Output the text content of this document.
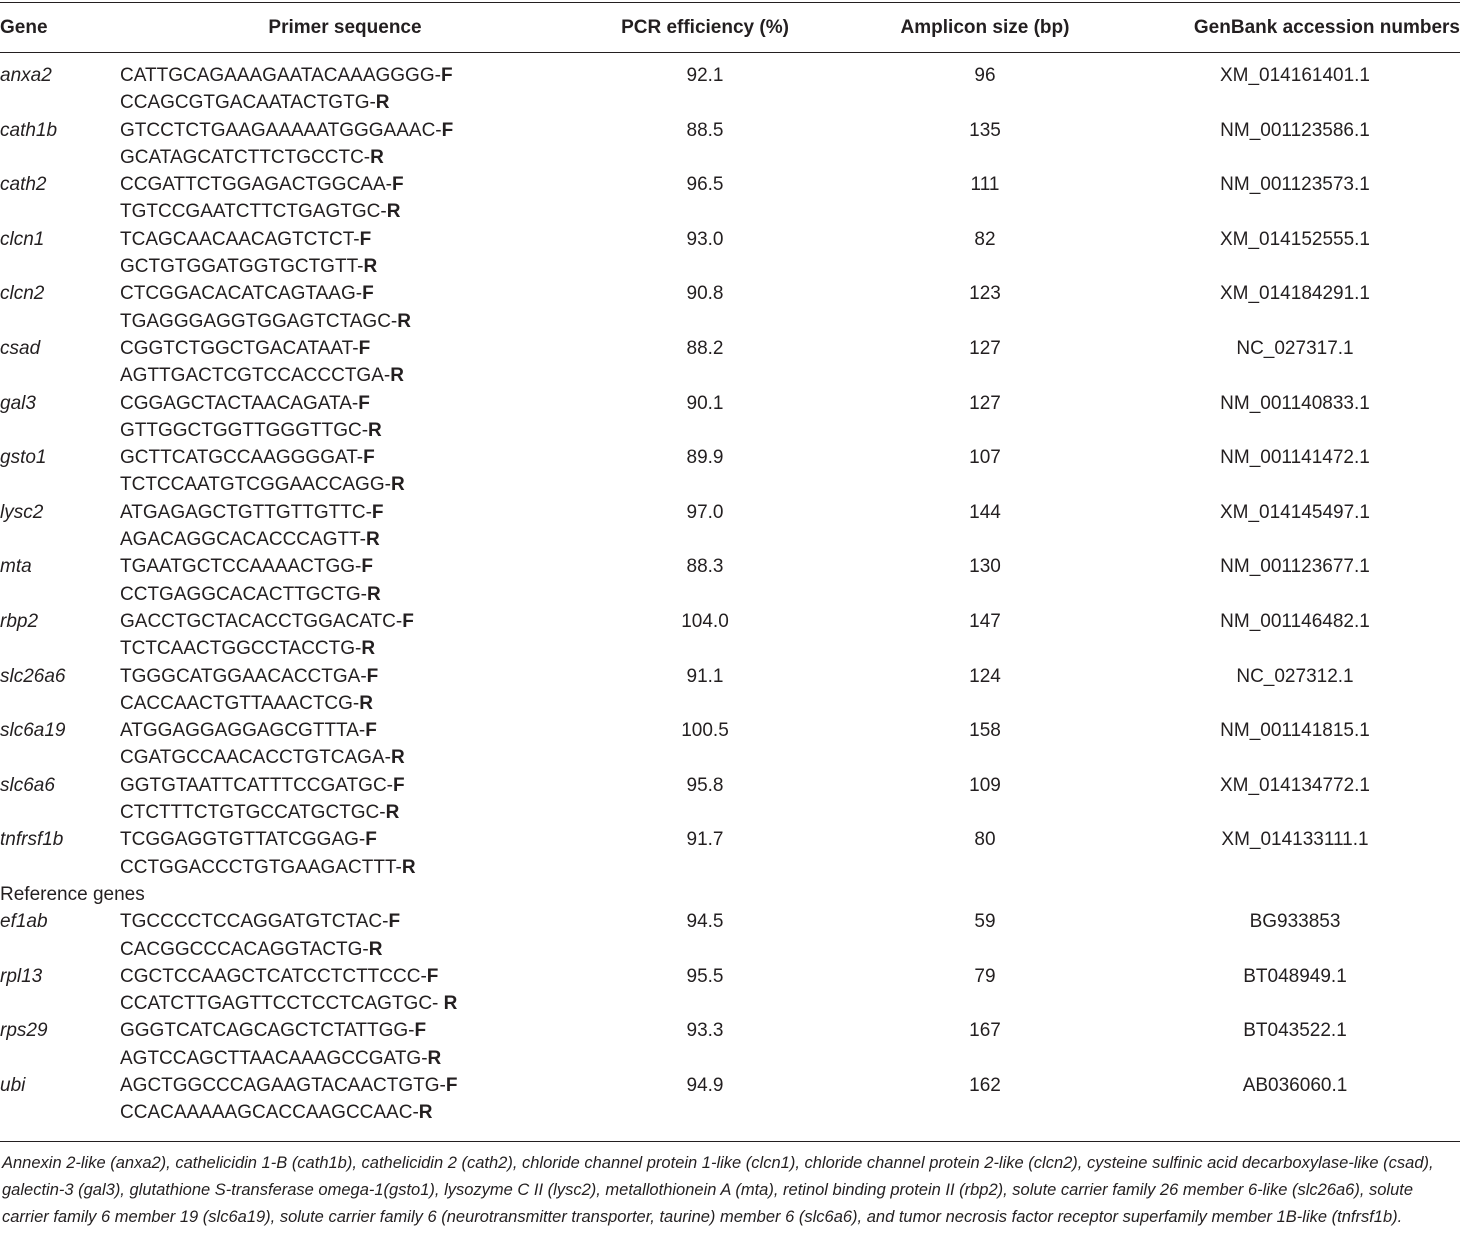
Gene	Primer sequence	PCR efficiency (%)	Amplicon size (bp)	GenBank accession numbers
anxa2	CATTGCAGAAAGAATACAAAGGGG-F
CCAGCGTGACAATACTGTG-R	92.1	96	XM_014161401.1
cath1b	GTCCTCTGAAGAAAAATGGGAAAC-F
GCATAGCATCTTCTGCCTC-R	88.5	135	NM_001123586.1
cath2	CCGATTCTGGAGACTGGCAA-F
TGTCCGAATCTTCTGAGTGC-R	96.5	111	NM_001123573.1
clcn1	TCAGCAACAACAGTCTCT-F
GCTGTGGATGGTGCTGTT-R	93.0	82	XM_014152555.1
clcn2	CTCGGACACATCAGTAAG-F
TGAGGGAGGTGGAGTCTAGC-R	90.8	123	XM_014184291.1
csad	CGGTCTGGCTGACATAAT-F
AGTTGACTCGTCCACCCTGA-R	88.2	127	NC_027317.1
gal3	CGGAGCTACTAACAGATA-F
GTTGGCTGGTTGGGTTGC-R	90.1	127	NM_001140833.1
gsto1	GCTTCATGCCAAGGGGAT-F
TCTCCAATGTCGGAACCAGG-R	89.9	107	NM_001141472.1
lysc2	ATGAGAGCTGTTGTTGTTC-F
AGACAGGCACACCCAGTT-R	97.0	144	XM_014145497.1
mta	TGAATGCTCCAAAACTGG-F
CCTGAGGCACACTTGCTG-R	88.3	130	NM_001123677.1
rbp2	GACCTGCTACACCTGGACATC-F
TCTCAACTGGCCTACCTG-R	104.0	147	NM_001146482.1
slc26a6	TGGGCATGGAACACCTGA-F
CACCAACTGTTAAACTCG-R	91.1	124	NC_027312.1
slc6a19	ATGGAGGAGGAGCGTTTA-F
CGATGCCAACACCTGTCAGA-R	100.5	158	NM_001141815.1
slc6a6	GGTGTAATTCATTTCCGATGC-F
CTCTTTCTGTGCCATGCTGC-R	95.8	109	XM_014134772.1
tnfrsf1b	TCGGAGGTGTTATCGGAG-F
CCTGGACCCTGTGAAGACTTT-R	91.7	80	XM_014133111.1
Reference genes				
ef1ab	TGCCCCTCCAGGATGTCTAC-F
CACGGCCCACAGGTACTG-R	94.5	59	BG933853
rpl13	CGCTCCAAGCTCATCCTCTTCCC-F
CCATCTTGAGTTCCTCCTCAGTGC- R	95.5	79	BT048949.1
rps29	GGGTCATCAGCAGCTCTATTGG-F
AGTCCAGCTTAACAAAGCCGATG-R	93.3	167	BT043522.1
ubi	AGCTGGCCCAGAAGTACAACTGTG-F
CCACAAAAAGCACCAAGCCAAC-R	94.9	162	AB036060.1
Annexin 2-like (anxa2), cathelicidin 1-B (cath1b), cathelicidin 2 (cath2), chloride channel protein 1-like (clcn1), chloride channel protein 2-like (clcn2), cysteine sulfinic acid decarboxylase-like (csad), galectin-3 (gal3), glutathione S-transferase omega-1(gsto1), lysozyme C II (lysc2), metallothionein A (mta), retinol binding protein II (rbp2), solute carrier family 26 member 6-like (slc26a6), solute carrier family 6 member 19 (slc6a19), solute carrier family 6 (neurotransmitter transporter, taurine) member 6 (slc6a6), and tumor necrosis factor receptor superfamily member 1B-like (tnfrsf1b).
